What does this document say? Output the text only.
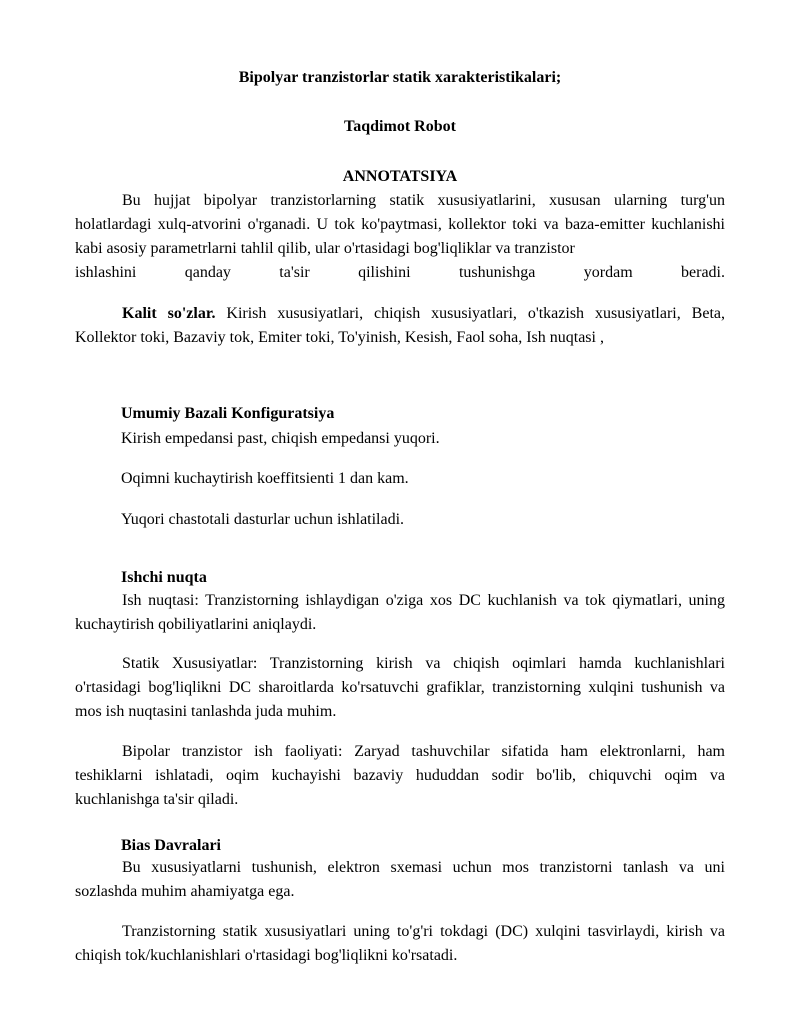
Bipolyar tranzistorlar statik xarakteristikalari;
Taqdimot Robot
ANNOTATSIYA

Bu hujjat bipolyar tranzistorlarning statik xususiyatlarini, xususan ularning turg'un holatlardagi xulq-atvorini o'rganadi. U tok ko'paytmasi, kollektor toki va baza-emitter kuchlanishi kabi asosiy parametrlarni tahlil qilib, ular o'rtasidagi bog'liqliklar va tranzistor

ishlashini qanday ta'sir qilishini tushunishga yordam beradi.

Kalit so'zlar. Kirish xususiyatlari, chiqish xususiyatlari, o'tkazish xususiyatlari, Beta, Kollektor toki, Bazaviy tok, Emiter toki, To'yinish, Kesish, Faol soha, Ish nuqtasi ,

Umumiy Bazali Konfiguratsiya
Kirish empedansi past, chiqish empedansi yuqori.
Oqimni kuchaytirish koeffitsienti 1 dan kam.
Yuqori chastotali dasturlar uchun ishlatiladi.
Ishchi nuqta

Ish nuqtasi: Tranzistorning ishlaydigan o'ziga xos DC kuchlanish va tok qiymatlari, uning kuchaytirish qobiliyatlarini aniqlaydi.

Statik Xususiyatlar: Tranzistorning kirish va chiqish oqimlari hamda kuchlanishlari o'rtasidagi bog'liqlikni DC sharoitlarda ko'rsatuvchi grafiklar, tranzistorning xulqini tushunish va mos ish nuqtasini tanlashda juda muhim.

Bipolar tranzistor ish faoliyati: Zaryad tashuvchilar sifatida ham elektronlarni, ham teshiklarni ishlatadi, oqim kuchayishi bazaviy hududdan sodir bo'lib, chiquvchi oqim va kuchlanishga ta'sir qiladi.

Bias Davralari

Bu xususiyatlarni tushunish, elektron sxemasi uchun mos tranzistorni tanlash va uni sozlashda muhim ahamiyatga ega.

Tranzistorning statik xususiyatlari uning to'g'ri tokdagi (DC) xulqini tasvirlaydi, kirish va chiqish tok/kuchlanishlari o'rtasidagi bog'liqlikni ko'rsatadi.
